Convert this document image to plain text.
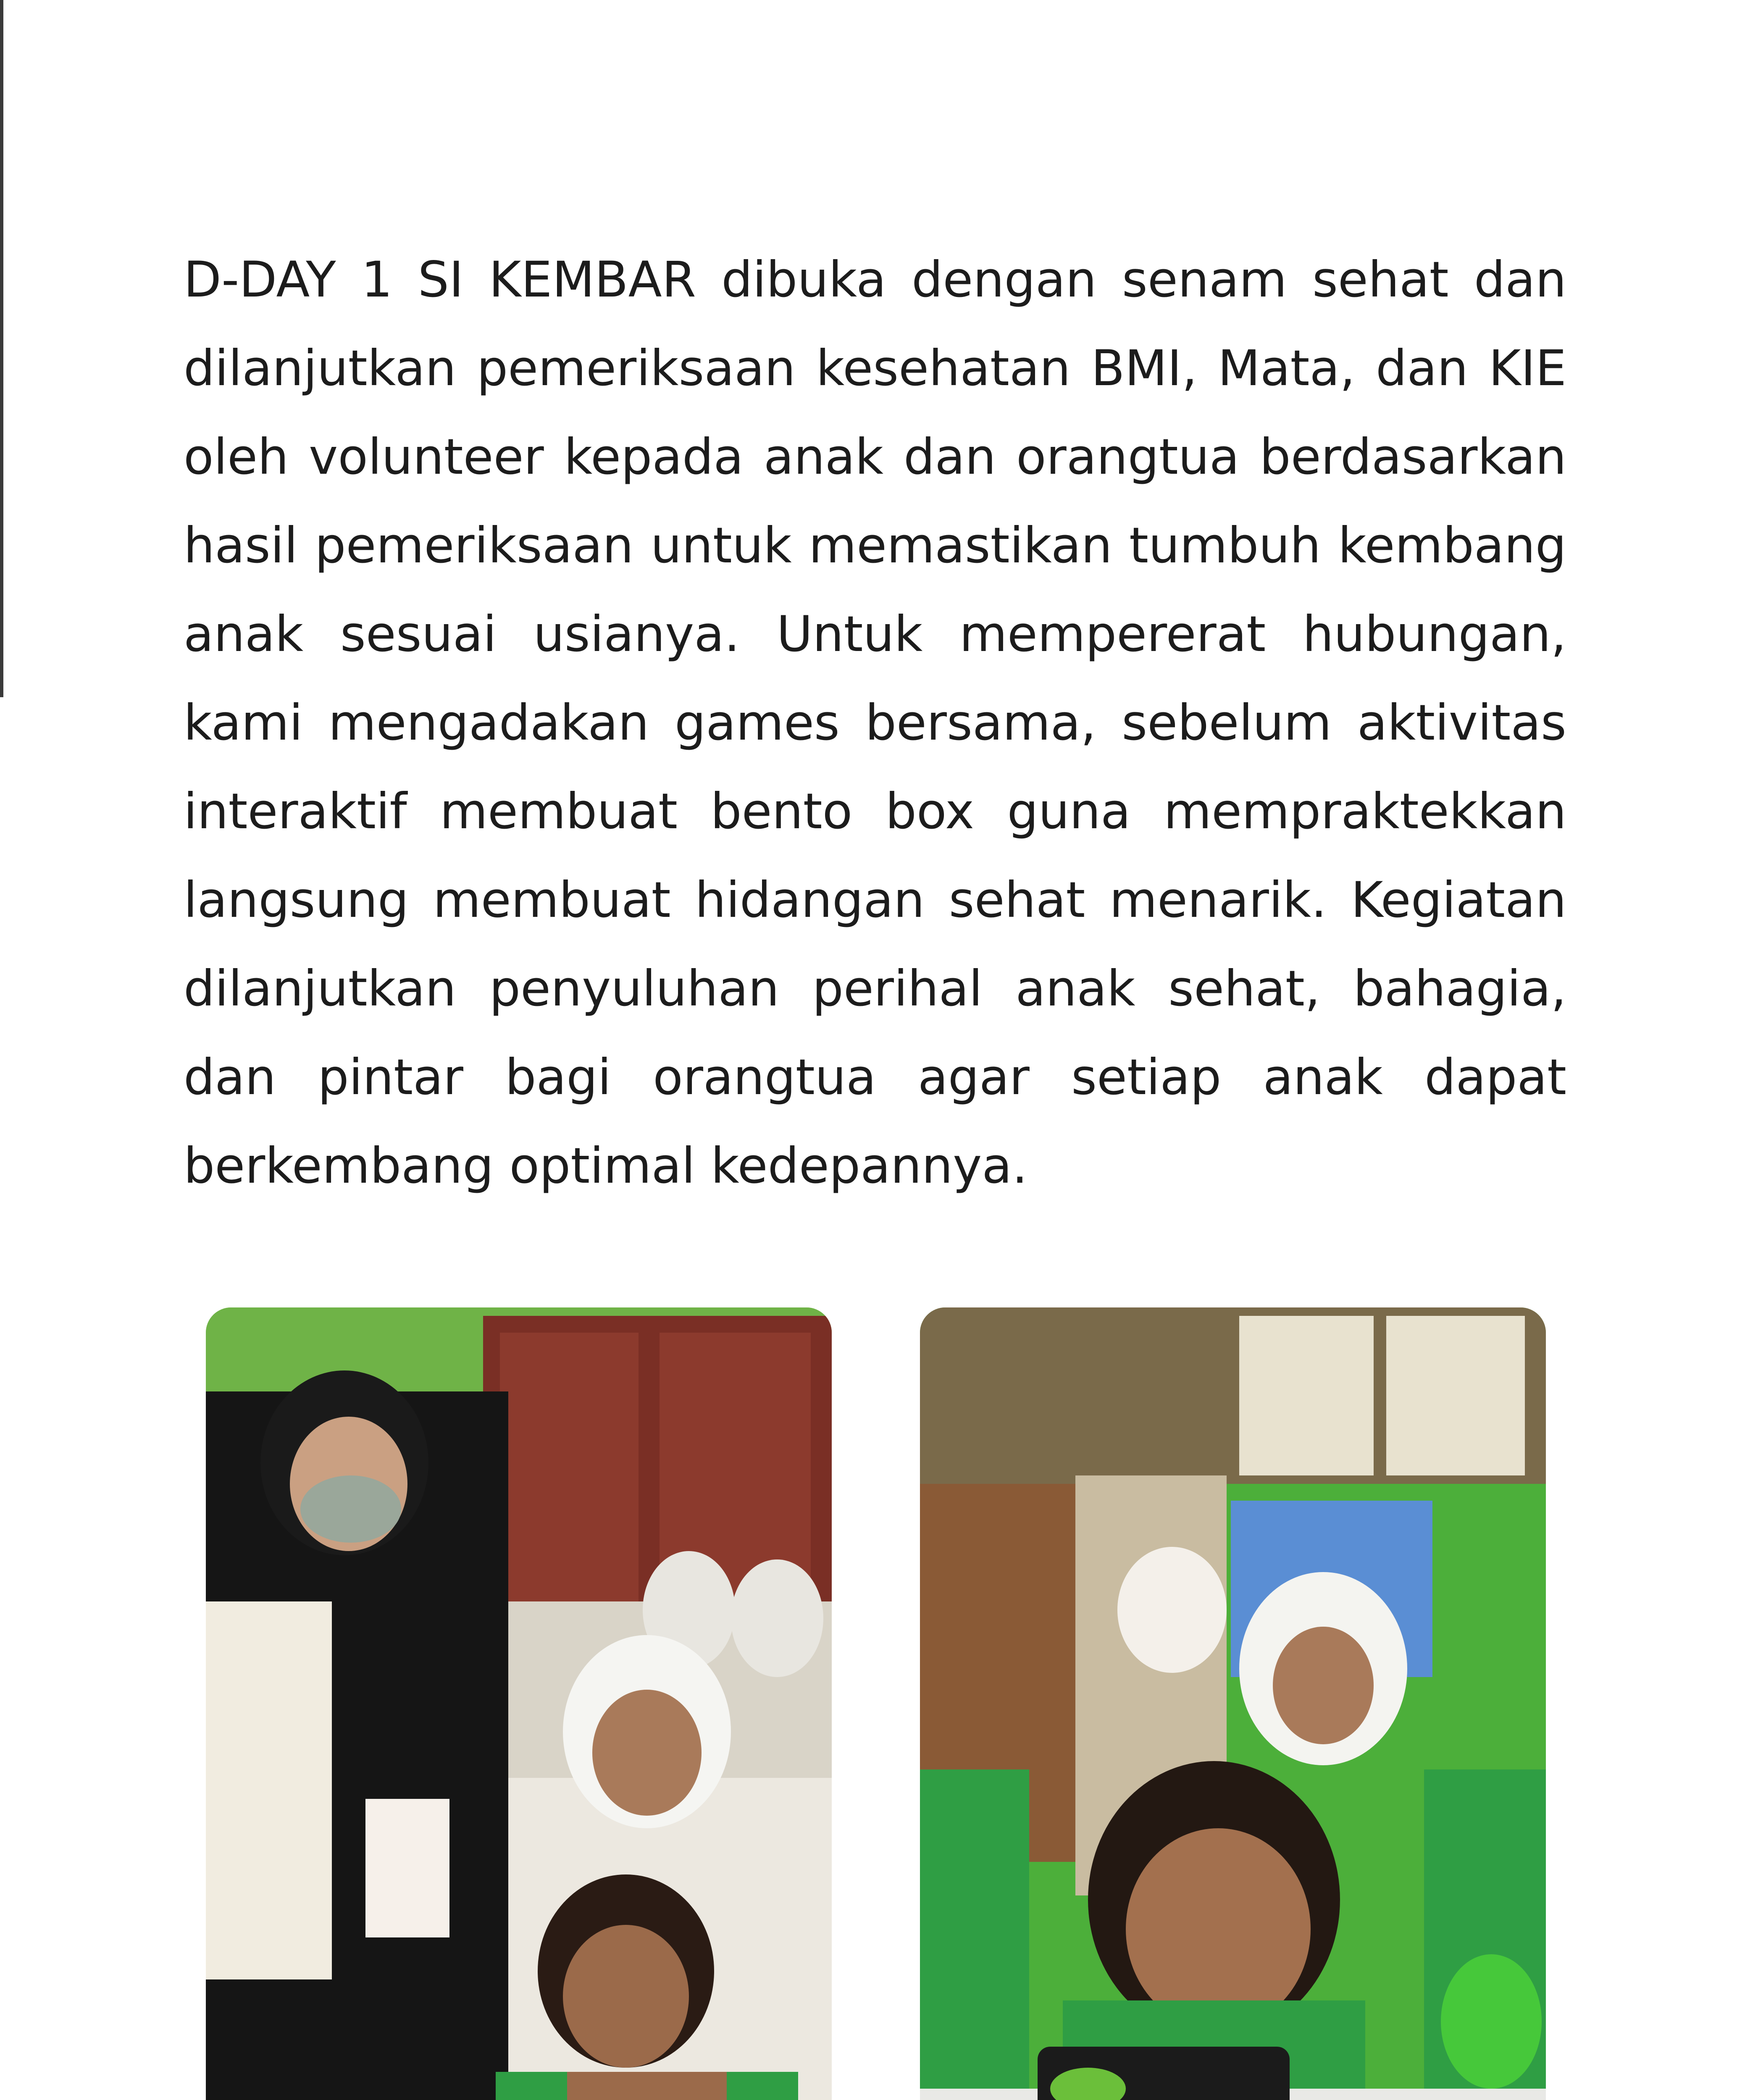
D-DAY 1 SI KEMBAR dibuka dengan senam sehat dan dilanjutkan pemeriksaan kesehatan BMI, Mata, dan KIE oleh volunteer kepada anak dan orangtua berdasarkan hasil pemeriksaan untuk memastikan tumbuh kembang anak sesuai usianya. Untuk mempererat hubungan, kami mengadakan games bersama, sebelum aktivitas interaktif membuat bento box guna mempraktekkan langsung membuat hidangan sehat menarik. Kegiatan dilanjutkan penyuluhan perihal anak sehat, bahagia, dan pintar bagi orangtua agar setiap anak dapat berkembang optimal kedepannya.
